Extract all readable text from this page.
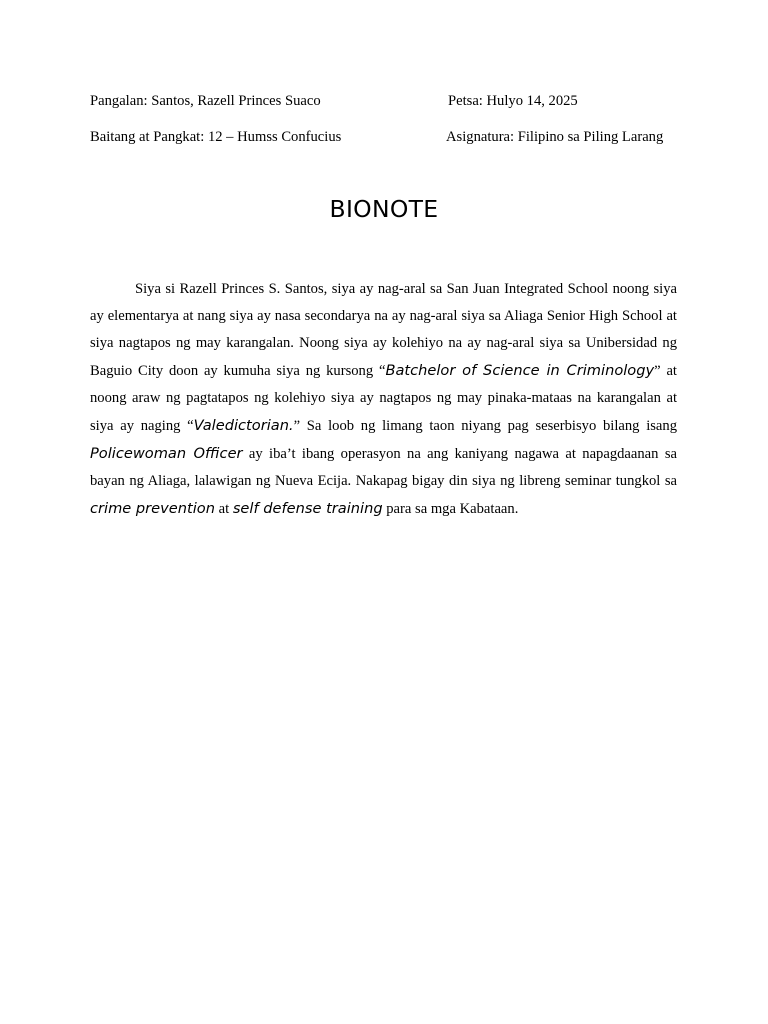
Pangalan: Santos, Razell Princes Suaco	Petsa: Hulyo 14, 2025
Baitang at Pangkat: 12 – Humss Confucius	Asignatura: Filipino sa Piling Larang
BIONOTE

Siya si Razell Princes S. Santos, siya ay nag-aral sa San Juan Integrated School noong siya ay elementarya at nang siya ay nasa secondarya na ay nag-aral siya sa Aliaga Senior High School at siya nagtapos ng may karangalan. Noong siya ay kolehiyo na ay nag-aral siya sa Unibersidad ng Baguio City doon ay kumuha siya ng kursong “Batchelor of Science in Criminology” at noong araw ng pagtatapos ng kolehiyo siya ay nagtapos ng may pinaka-mataas na karangalan at siya ay naging “Valedictorian.” Sa loob ng limang taon niyang pag seserbisyo bilang isang Policewoman Officer ay iba’t ibang operasyon na ang kaniyang nagawa at napagdaanan sa bayan ng Aliaga, lalawigan ng Nueva Ecija. Nakapag bigay din siya ng libreng seminar tungkol sa crime prevention at self defense training para sa mga Kabataan.
